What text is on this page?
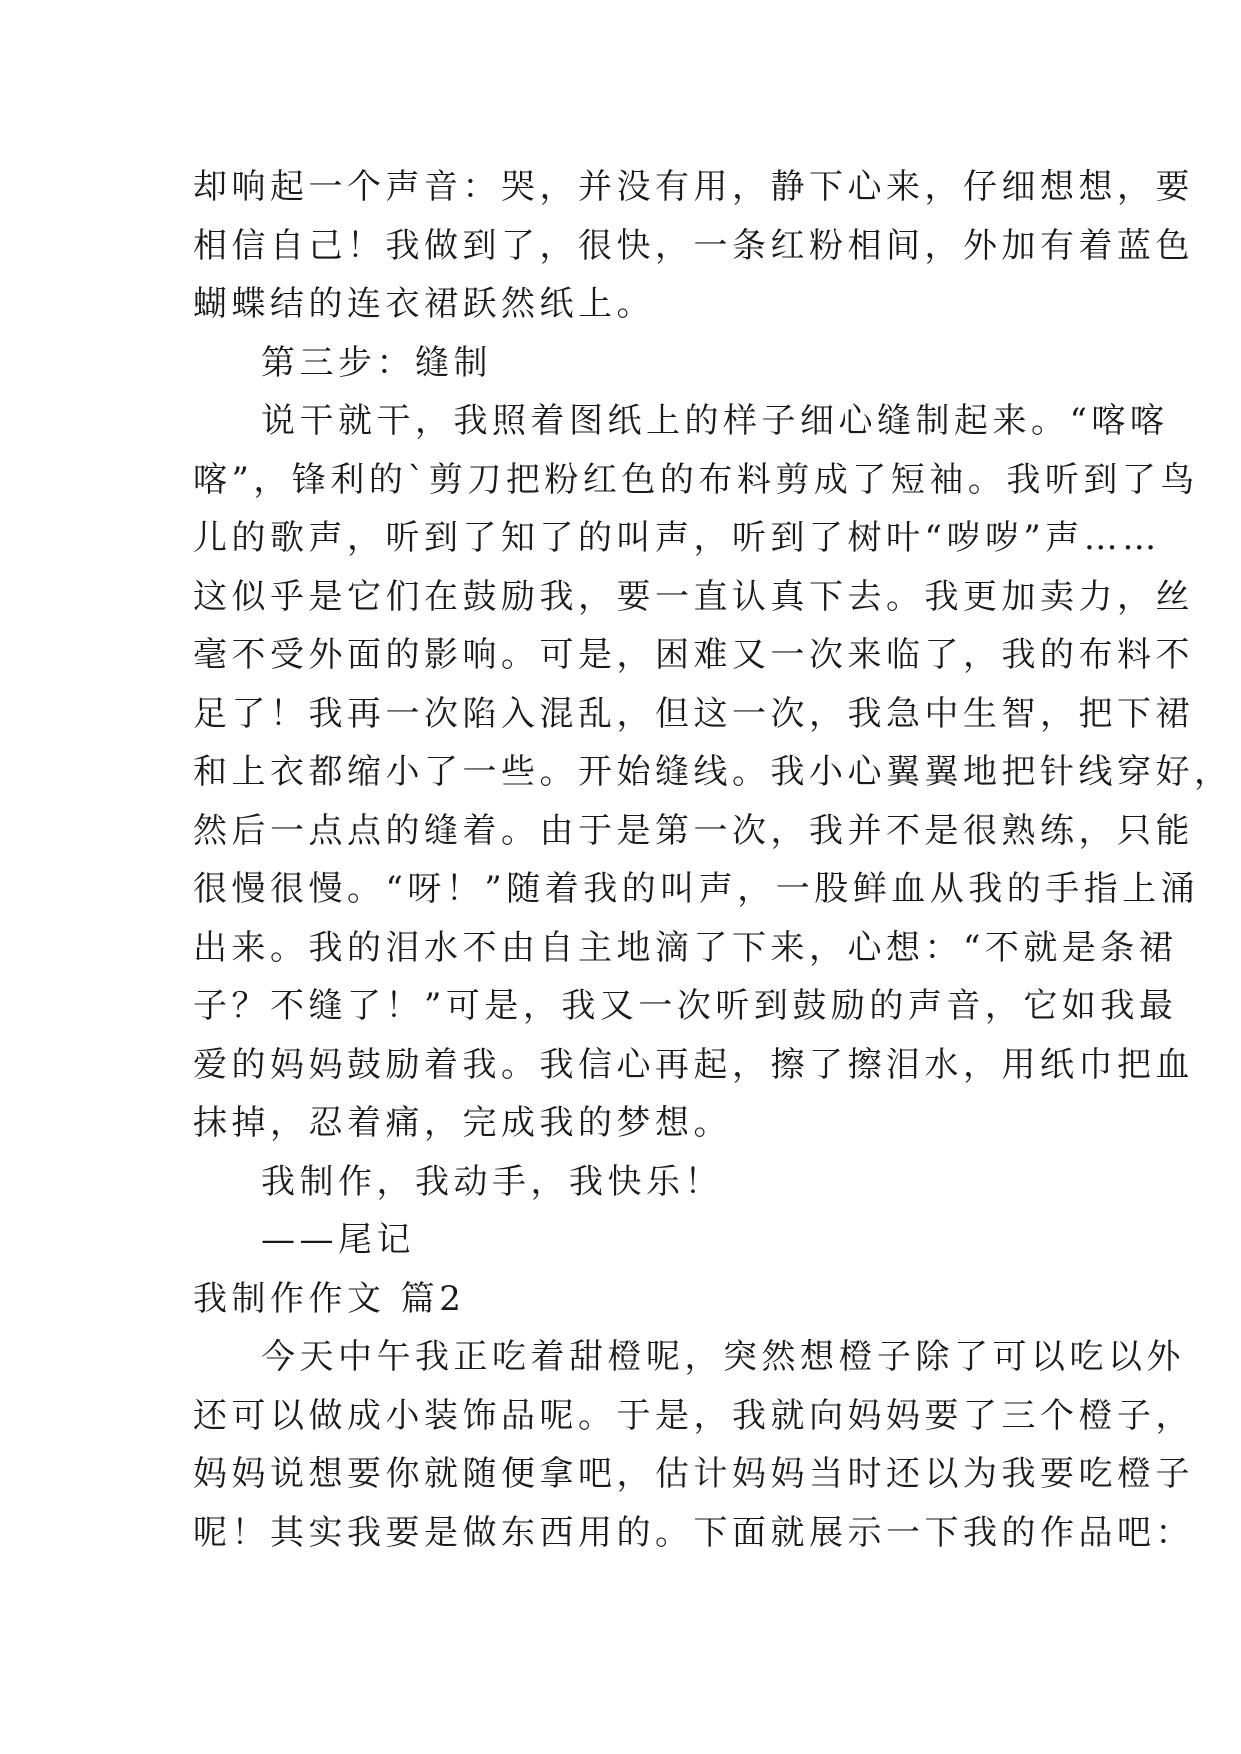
却响起一个声音：哭，并没有用，静下心来，仔细想想，要
相信自己！我做到了，很快，一条红粉相间，外加有着蓝色
蝴蝶结的连衣裙跃然纸上。
第三步：缝制
说干就干，我照着图纸上的样子细心缝制起来。“喀喀
喀”，锋利的`剪刀把粉红色的布料剪成了短袖。我听到了鸟
儿的歌声，听到了知了的叫声，听到了树叶“哕哕”声……
这似乎是它们在鼓励我，要一直认真下去。我更加卖力，丝
毫不受外面的影响。可是，困难又一次来临了，我的布料不
足了！我再一次陷入混乱，但这一次，我急中生智，把下裙
和上衣都缩小了一些。开始缝线。我小心翼翼地把针线穿好，
然后一点点的缝着。由于是第一次，我并不是很熟练，只能
很慢很慢。“呀！”随着我的叫声，一股鲜血从我的手指上涌
出来。我的泪水不由自主地滴了下来，心想：“不就是条裙
子？不缝了！”可是，我又一次听到鼓励的声音，它如我最
爱的妈妈鼓励着我。我信心再起，擦了擦泪水，用纸巾把血
抹掉，忍着痛，完成我的梦想。
我制作，我动手，我快乐！
——尾记
我制作作文 篇2
今天中午我正吃着甜橙呢，突然想橙子除了可以吃以外
还可以做成小装饰品呢。于是，我就向妈妈要了三个橙子，
妈妈说想要你就随便拿吧，估计妈妈当时还以为我要吃橙子
呢！其实我要是做东西用的。下面就展示一下我的作品吧：
